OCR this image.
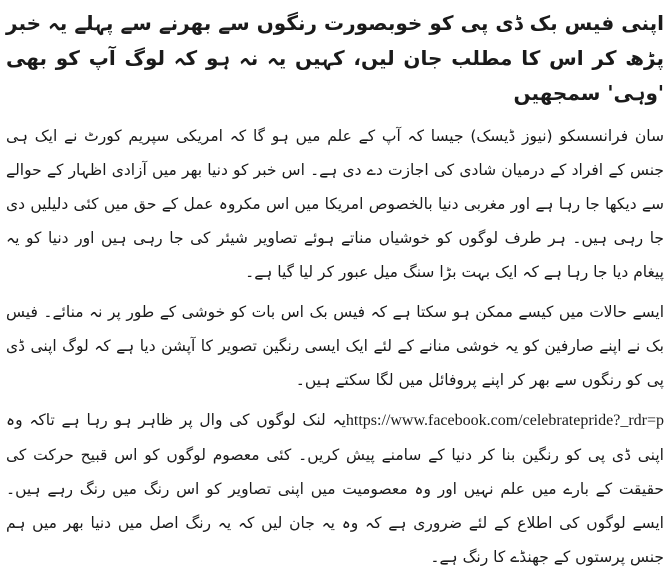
اپنی فیس بک ڈی پی کو خوبصورت رنگوں سے بھرنے سے پہلے یہ خبر پڑھ کر اس کا مطلب جان لیں، کہیں یہ نہ ہو کہ لوگ آپ کو بھی 'وہی' سمجھیں

سان فرانسسکو (نیوز ڈیسک) جیسا کہ آپ کے علم میں ہو گا کہ امریکی سپریم کورٹ نے ایک ہی جنس کے افراد کے درمیان شادی کی اجازت دے دی ہے۔ اس خبر کو دنیا بھر میں آزادی اظہار کے حوالے سے دیکھا جا رہا ہے اور مغربی دنیا بالخصوص امریکا میں اس مکروہ عمل کے حق میں کئی دلیلیں دی جا رہی ہیں۔ ہر طرف لوگوں کو خوشیاں مناتے ہوئے تصاویر شیئر کی جا رہی ہیں اور دنیا کو یہ پیغام دیا جا رہا ہے کہ ایک بہت بڑا سنگ میل عبور کر لیا گیا ہے۔

ایسے حالات میں کیسے ممکن ہو سکتا ہے کہ فیس بک اس بات کو خوشی کے طور پر نہ منائے۔ فیس بک نے اپنے صارفین کو یہ خوشی منانے کے لئے ایک ایسی رنگین تصویر کا آپشن دیا ہے کہ لوگ اپنی ڈی پی کو رنگوں سے بھر کر اپنے پروفائل میں لگا سکتے ہیں۔

https://www.facebook.com/celebratepride?_rdr=pیہ لنک لوگوں کی وال پر ظاہر ہو رہا ہے تاکہ وہ اپنی ڈی پی کو رنگین بنا کر دنیا کے سامنے پیش کریں۔ کئی معصوم لوگوں کو اس قبیح حرکت کی حقیقت کے بارے میں علم نہیں اور وہ معصومیت میں اپنی تصاویر کو اس رنگ میں رنگ رہے ہیں۔ ایسے لوگوں کی اطلاع کے لئے ضروری ہے کہ وہ یہ جان لیں کہ یہ رنگ اصل میں دنیا بھر میں ہم جنس پرستوں کے جھنڈے کا رنگ ہے۔
